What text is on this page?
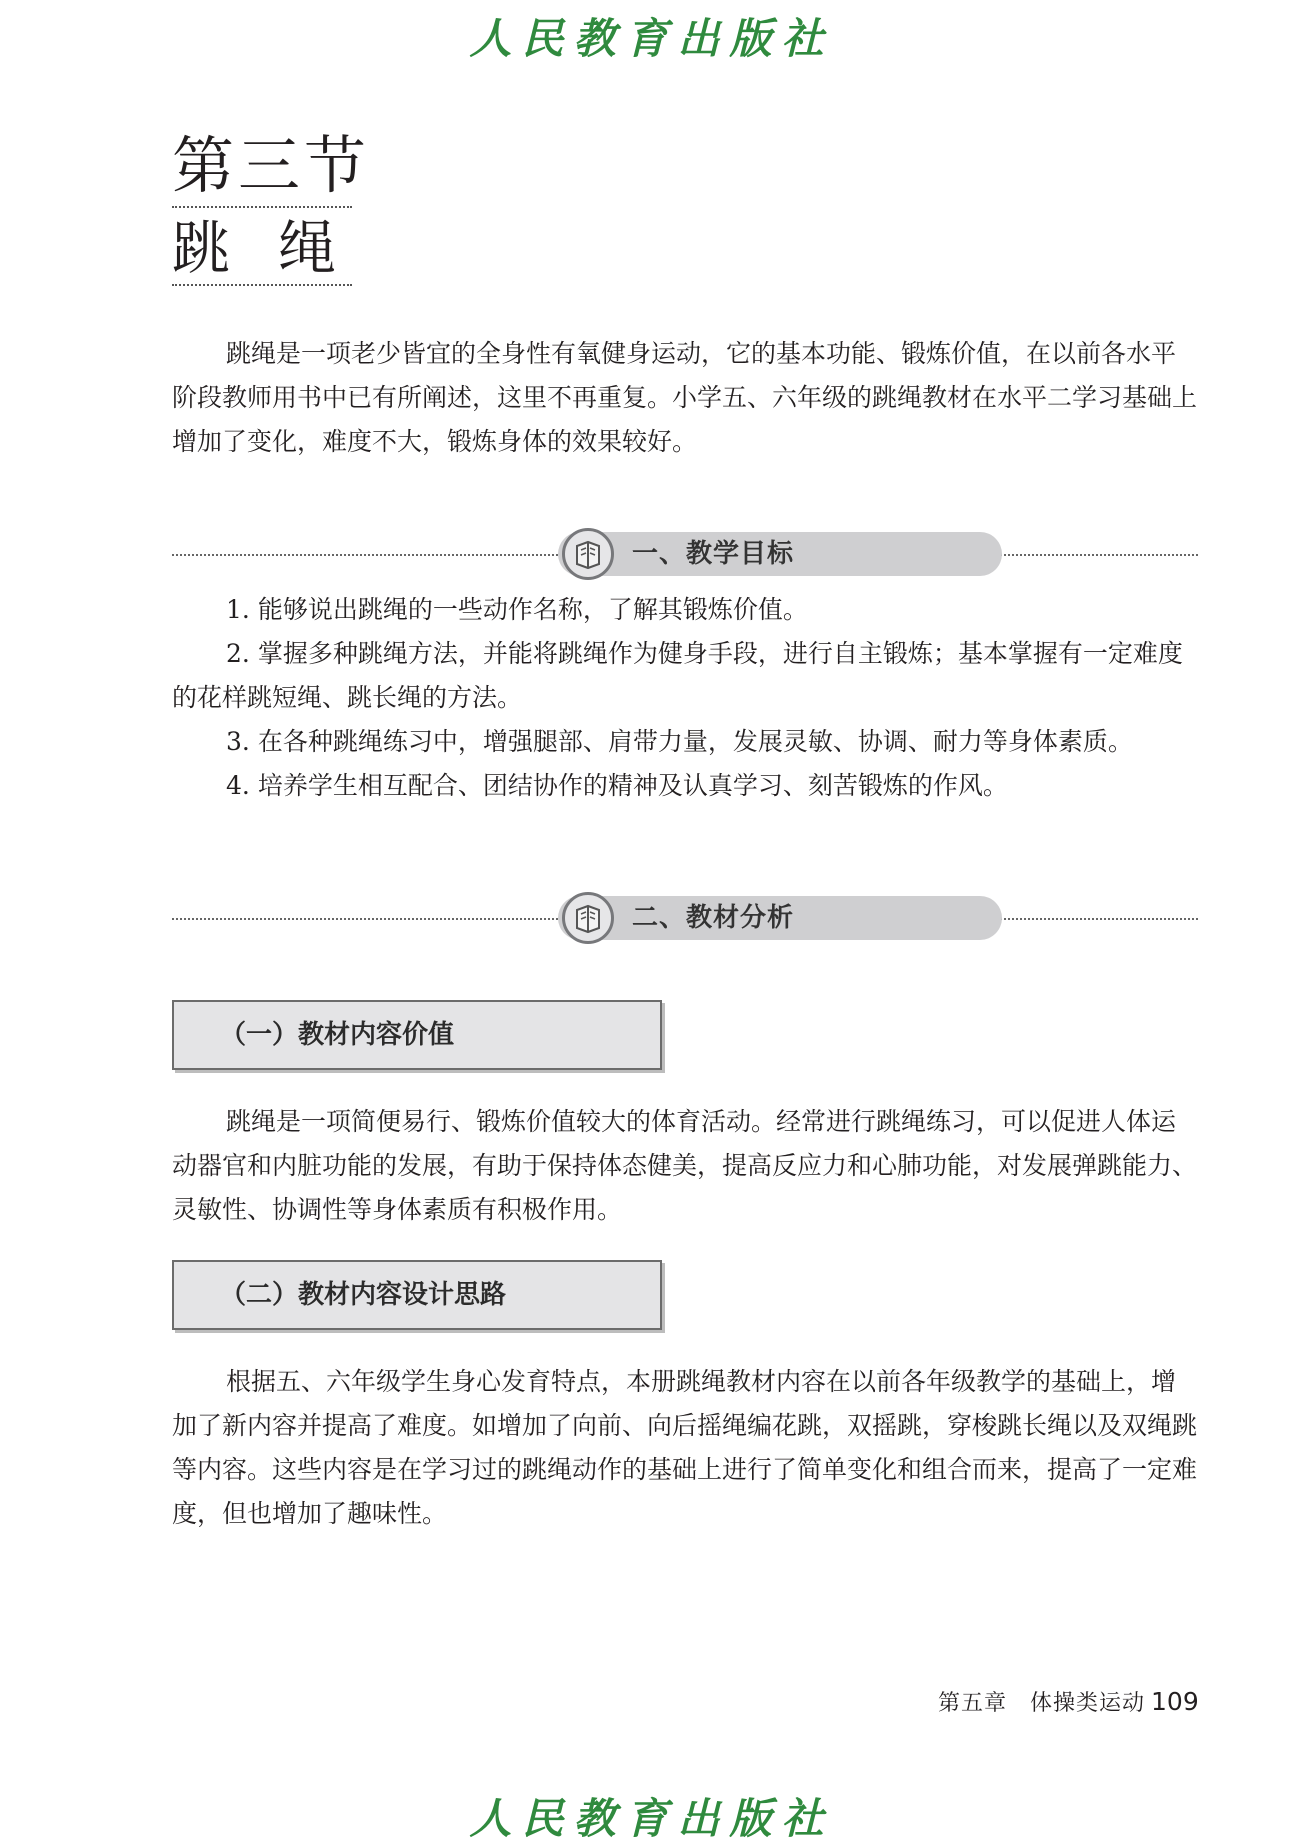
人民教育出版社
第三节
跳绳

跳绳是一项老少皆宜的全身性有氧健身运动，它的基本功能、锻炼价值，在以前各水平阶段教师用书中已有所阐述，这里不再重复。小学五、六年级的跳绳教材在水平二学习基础上增加了变化，难度不大，锻炼身体的效果较好。

一、教学目标

1. 能够说出跳绳的一些动作名称，了解其锻炼价值。

2. 掌握多种跳绳方法，并能将跳绳作为健身手段，进行自主锻炼；基本掌握有一定难度的花样跳短绳、跳长绳的方法。

3. 在各种跳绳练习中，增强腿部、肩带力量，发展灵敏、协调、耐力等身体素质。

4. 培养学生相互配合、团结协作的精神及认真学习、刻苦锻炼的作风。

二、教材分析
（一）教材内容价值

跳绳是一项简便易行、锻炼价值较大的体育活动。经常进行跳绳练习，可以促进人体运动器官和内脏功能的发展，有助于保持体态健美，提高反应力和心肺功能，对发展弹跳能力、灵敏性、协调性等身体素质有积极作用。

（二）教材内容设计思路

根据五、六年级学生身心发育特点，本册跳绳教材内容在以前各年级教学的基础上，增加了新内容并提高了难度。如增加了向前、向后摇绳编花跳，双摇跳，穿梭跳长绳以及双绳跳等内容。这些内容是在学习过的跳绳动作的基础上进行了简单变化和组合而来，提高了一定难度，但也增加了趣味性。

第五章　体操类运动 109
人民教育出版社
